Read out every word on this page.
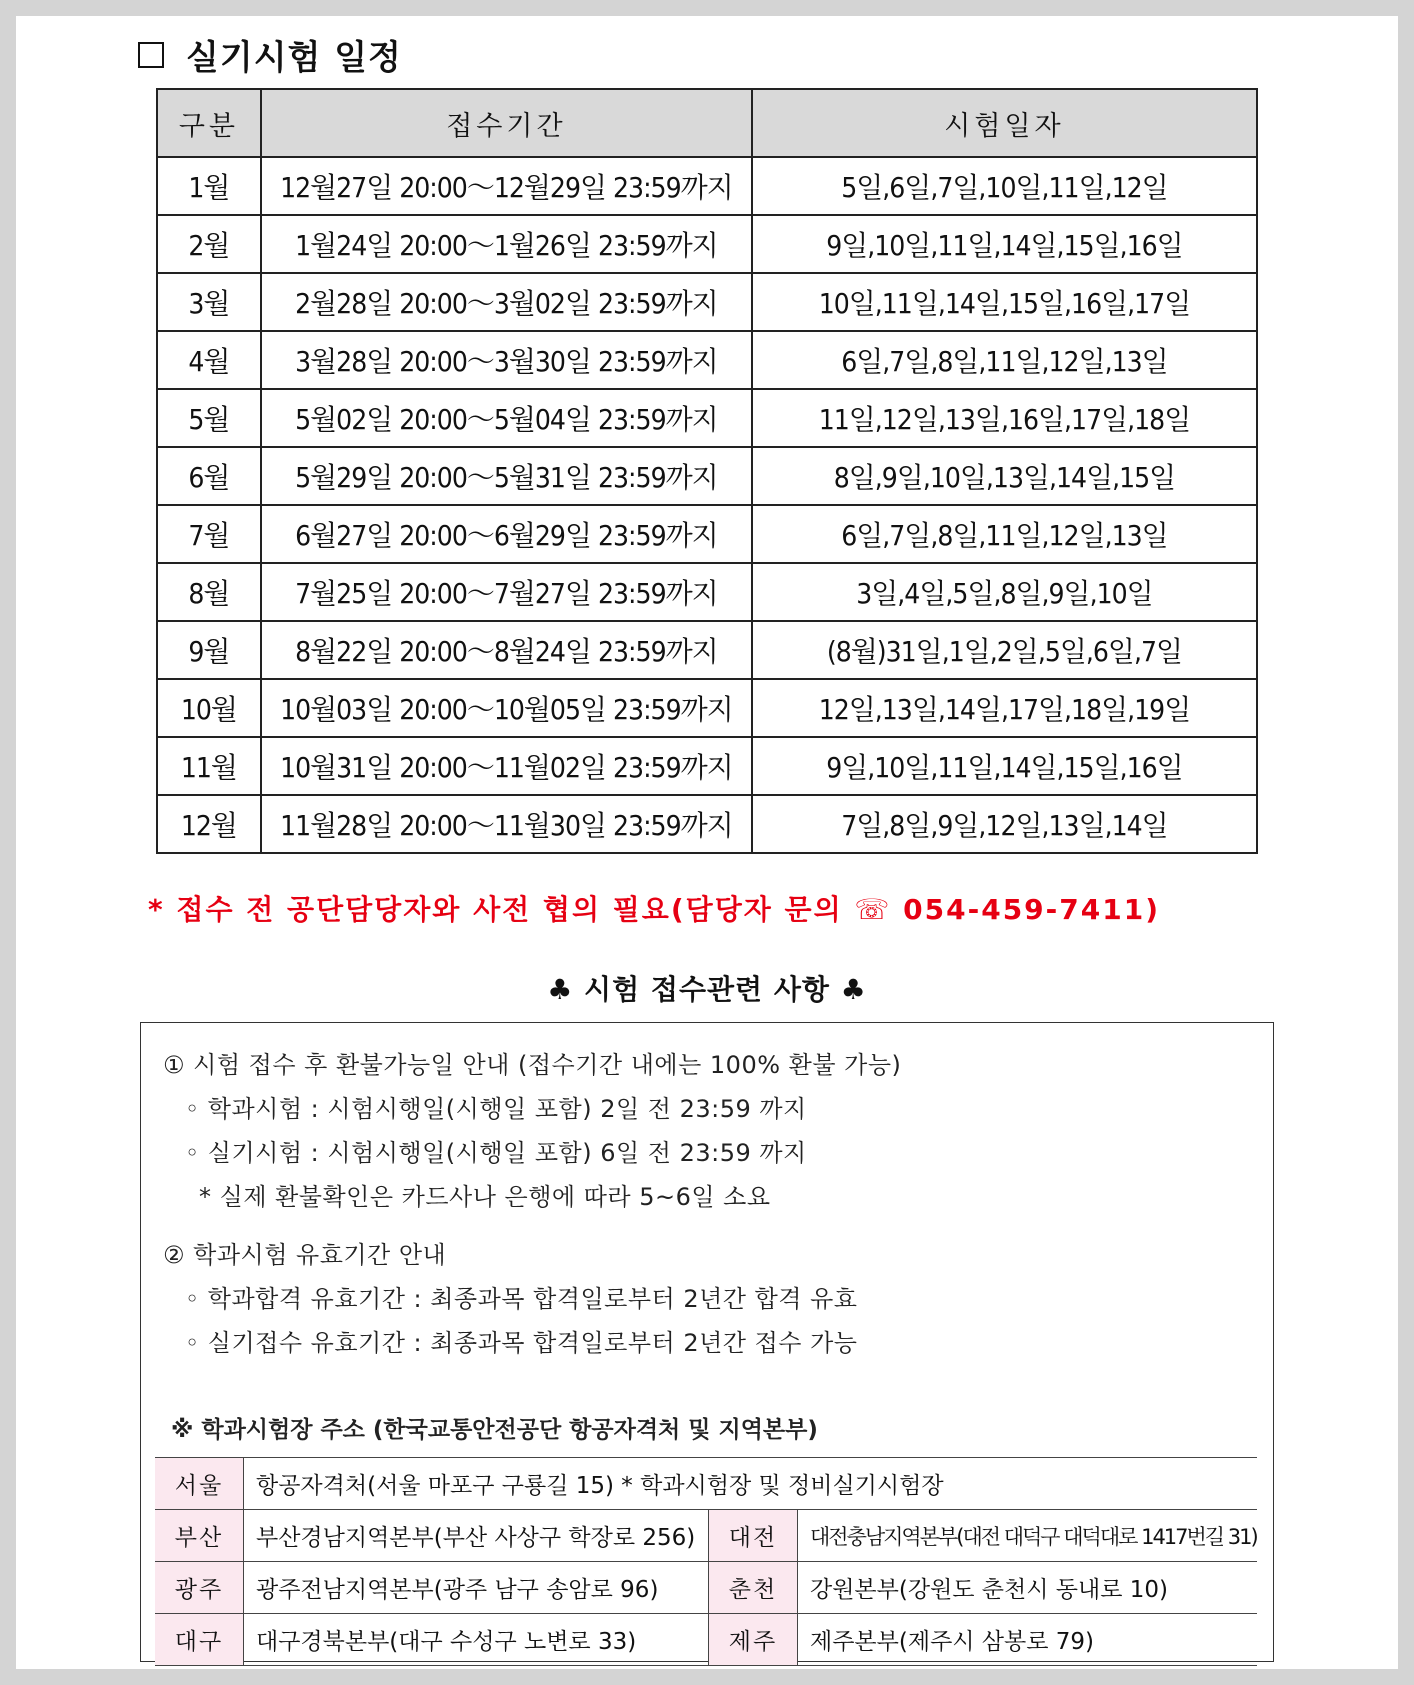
실기시험 일정
구분	접수기간	시험일자
1월	12월27일 20:00～12월29일 23:59까지	5일,6일,7일,10일,11일,12일
2월	1월24일 20:00～1월26일 23:59까지	9일,10일,11일,14일,15일,16일
3월	2월28일 20:00～3월02일 23:59까지	10일,11일,14일,15일,16일,17일
4월	3월28일 20:00～3월30일 23:59까지	6일,7일,8일,11일,12일,13일
5월	5월02일 20:00～5월04일 23:59까지	11일,12일,13일,16일,17일,18일
6월	5월29일 20:00～5월31일 23:59까지	8일,9일,10일,13일,14일,15일
7월	6월27일 20:00～6월29일 23:59까지	6일,7일,8일,11일,12일,13일
8월	7월25일 20:00～7월27일 23:59까지	3일,4일,5일,8일,9일,10일
9월	8월22일 20:00～8월24일 23:59까지	(8월)31일,1일,2일,5일,6일,7일
10월	10월03일 20:00～10월05일 23:59까지	12일,13일,14일,17일,18일,19일
11월	10월31일 20:00～11월02일 23:59까지	9일,10일,11일,14일,15일,16일
12월	11월28일 20:00～11월30일 23:59까지	7일,8일,9일,12일,13일,14일
* 접수 전 공단담당자와 사전 협의 필요(담당자 문의 ☏ 054-459-7411)
♣ 시험 접수관련 사항 ♣
① 시험 접수 후 환불가능일 안내 (접수기간 내에는 100% 환불 가능)
◦ 학과시험 : 시험시행일(시행일 포함) 2일 전 23:59 까지
◦ 실기시험 : 시험시행일(시행일 포함) 6일 전 23:59 까지
* 실제 환불확인은 카드사나 은행에 따라 5~6일 소요
② 학과시험 유효기간 안내
◦ 학과합격 유효기간 : 최종과목 합격일로부터 2년간 합격 유효
◦ 실기접수 유효기간 : 최종과목 합격일로부터 2년간 접수 가능
※ 학과시험장 주소 (한국교통안전공단 항공자격처 및 지역본부)
서울	항공자격처(서울 마포구 구룡길 15) * 학과시험장 및 정비실기시험장		
부산	부산경남지역본부(부산 사상구 학장로 256)	대전	대전충남지역본부(대전 대덕구 대덕대로 1417번길 31)
광주	광주전남지역본부(광주 남구 송암로 96)	춘천	강원본부(강원도 춘천시 동내로 10)
대구	대구경북본부(대구 수성구 노변로 33)	제주	제주본부(제주시 삼봉로 79)
